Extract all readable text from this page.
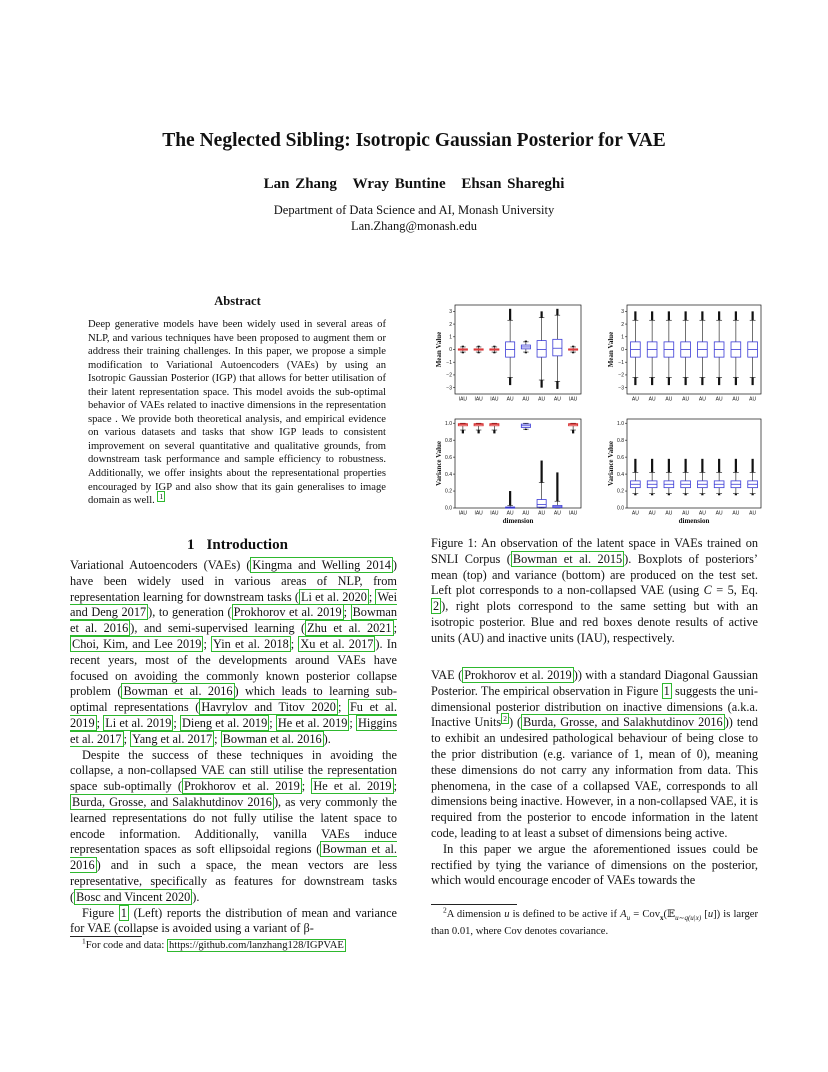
The Neglected Sibling: Isotropic Gaussian Posterior for VAE
Lan Zhang Wray Buntine Ehsan Shareghi
Department of Data Science and AI, Monash University
Lan.Zhang@monash.edu
Abstract
Deep generative models have been widely used in several areas of NLP, and various techniques have been proposed to augment them or address their training challenges. In this paper, we propose a simple modification to Variational Autoencoders (VAEs) by using an Isotropic Gaussian Posterior (IGP) that allows for better utilisation of their latent representation space. This model avoids the sub-optimal behavior of VAEs related to inactive dimensions in the representation space . We provide both theoretical analysis, and empirical evidence on various datasets and tasks that show IGP leads to consistent improvement on several quantitative and qualitative grounds, from downstream task performance and sample efficiency to robustness. Additionally, we offer insights about the representational properties encouraged by IGP and also show that its gain generalises to image domain as well. $^1$
1 Introduction

Variational Autoencoders (VAEs) ( Kingma and Welling 2014 ) have been widely used in various areas of NLP, from representation learning for downstream tasks ( Li et al. 2020 ; Wei and Deng 2017 ), to generation ( Prokhorov et al. 2019 ; Bowman et al. 2016 ), and semi-supervised learning ( Zhu et al. 2021 ; Choi, Kim, and Lee 2019 ; Yin et al. 2018 ; Xu et al. 2017 ). In recent years, most of the developments around VAEs have focused on avoiding the commonly known posterior collapse problem ( Bowman et al. 2016 ) which leads to learning sub-optimal representations ( Havrylov and Titov 2020 ; Fu et al. 2019 ; Li et al. 2019 ; Dieng et al. 2019 ; He et al. 2019 ; Higgins et al. 2017 ; Yang et al. 2017 ; Bowman et al. 2016 ).

Despite the success of these techniques in avoiding the collapse, a non-collapsed VAE can still utilise the representation space sub-optimally ( Prokhorov et al. 2019 ; He et al. 2019 ; Burda, Grosse, and Salakhutdinov 2016 ), as very commonly the learned representations do not fully utilise the latent space to encode information. Additionally, vanilla VAEs induce representation spaces as soft ellipsoidal regions ( Bowman et al. 2016 ) and in such a space, the mean vectors are less representative, specifically as features for downstream tasks ( Bosc and Vincent 2020 ).

Figure 1 (Left) reports the distribution of mean and variance for VAE (collapse is avoided using a variant of β-

$^1$For code and data: https://github.com/lanzhang128/IGPVAE
3
2
1
0
−1
−2
−3
Mean Value
IAU IAU IAU AU AU AU AU IAU
3
2
1
0
−1
−2
−3
Mean Value
AU AU AU AU AU AU AU AU
1.0
0.8
0.6
0.4
0.2
0.0
Variance Value
IAU IAU IAU AU AU AU AU IAU
dimension
1.0
0.8
0.6
0.4
0.2
0.0
Variance Value
AU AU AU AU AU AU AU AU
dimension
Figure 1: An observation of the latent space in VAEs trained on SNLI Corpus ( Bowman et al. 2015 ). Boxplots of posteriors’ mean (top) and variance (bottom) are produced on the test set. Left plot corresponds to a non-collapsed VAE (using C = 5, Eq. 2 ), right plots correspond to the same setting but with an isotropic posterior. Blue and red boxes denote results of active units (AU) and inactive units (IAU), respectively.

VAE ( Prokhorov et al. 2019 )) with a standard Diagonal Gaussian Posterior. The empirical observation in Figure 1 suggests the uni-dimensional posterior distribution on inactive dimensions (a.k.a. Inactive Units $^2$ ) ( Burda, Grosse, and Salakhutdinov 2016 )) tend to exhibit an undesired pathological behaviour of being close to the prior distribution (e.g. variance of 1, mean of 0), meaning these dimensions do not carry any information from data. This phenomena, in the case of a collapsed VAE, corresponds to all dimensions being inactive. However, in a non-collapsed VAE, it is required from the posterior to encode information in the latent code, leading to at least a subset of dimensions being active.

In this paper we argue the aforementioned issues could be rectified by tying the variance of dimensions on the posterior, which would encourage encoder of VAEs towards the

$^2$A dimension u is defined to be active if $A_u$ = Cov$_x$(𝔼$_{u\sim q(u|x)}$ [u]) is larger than 0.01, where Cov denotes covariance.
